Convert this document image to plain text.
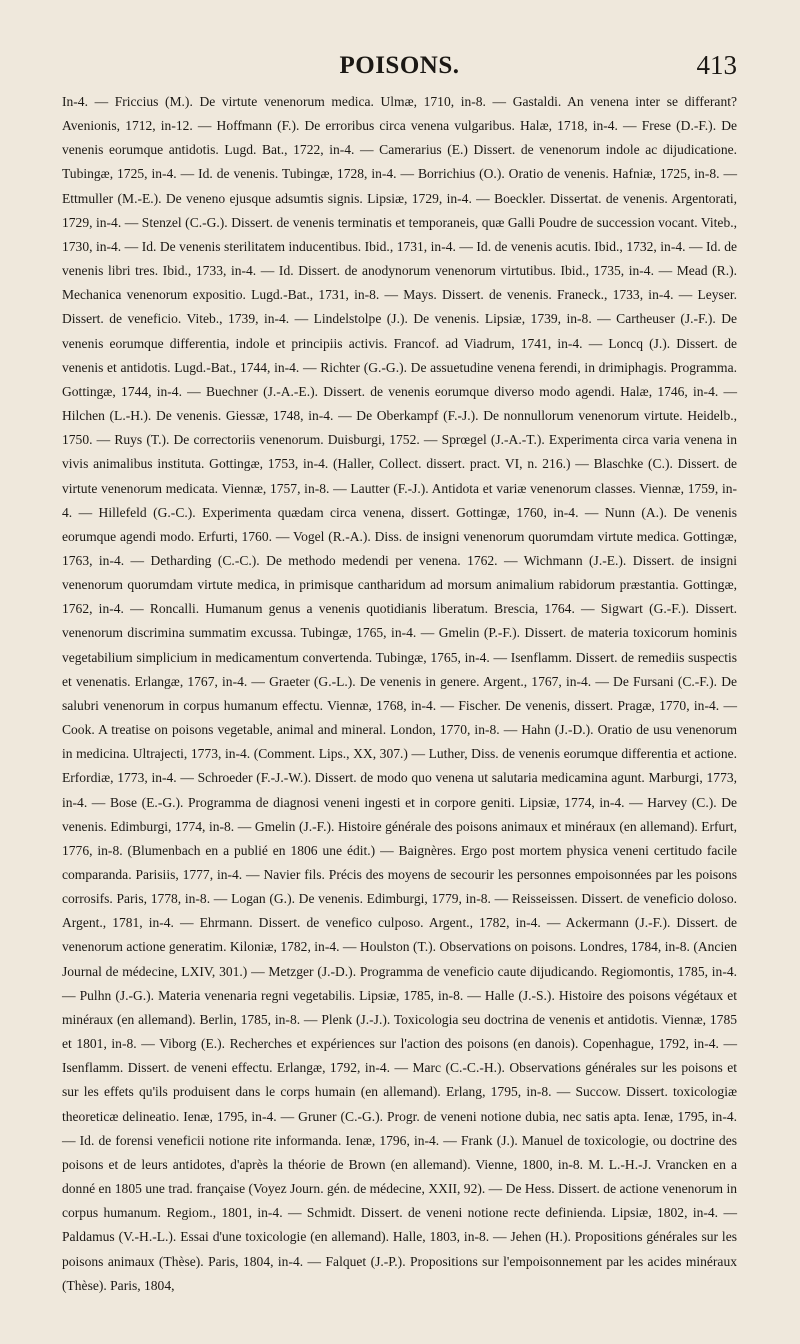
POISONS.	413
In-4. — Friccius (M.). De virtute venenorum medica. Ulmæ, 1710, in-8. — Gastaldi. An venena inter se differant? Avenionis, 1712, in-12. — Hoffmann (F.). De erroribus circa venena vulgaribus. Halæ, 1718, in-4. — Frese (D.-F.). De venenis eorumque antidotis. Lugd. Bat., 1722, in-4. — Camerarius (E.) Dissert. de venenorum indole ac dijudicatione. Tubingæ, 1725, in-4. — Id. de venenis. Tubingæ, 1728, in-4. — Borrichius (O.). Oratio de venenis. Hafniæ, 1725, in-8. — Ettmuller (M.-E.). De veneno ejusque adsumtis signis. Lipsiæ, 1729, in-4. — Boeckler. Dissertat. de venenis. Argentorati, 1729, in-4. — Stenzel (C.-G.). Dissert. de venenis terminatis et temporaneis, quæ Galli Poudre de succession vocant. Viteb., 1730, in-4. — Id. De venenis sterilitatem inducentibus. Ibid., 1731, in-4. — Id. de venenis acutis. Ibid., 1732, in-4. — Id. de venenis libri tres. Ibid., 1733, in-4. — Id. Dissert. de anodynorum venenorum virtutibus. Ibid., 1735, in-4. — Mead (R.). Mechanica venenorum expositio. Lugd.-Bat., 1731, in-8. — Mays. Dissert. de venenis. Franeck., 1733, in-4. — Leyser. Dissert. de veneficio. Viteb., 1739, in-4. — Lindelstolpe (J.). De venenis. Lipsiæ, 1739, in-8. — Cartheuser (J.-F.). De venenis eorumque differentia, indole et principiis activis. Francof. ad Viadrum, 1741, in-4. — Loncq (J.). Dissert. de venenis et antidotis. Lugd.-Bat., 1744, in-4. — Richter (G.-G.). De assuetudine venena ferendi, in drimiphagis. Programma. Gottingæ, 1744, in-4. — Buechner (J.-A.-E.). Dissert. de venenis eorumque diverso modo agendi. Halæ, 1746, in-4. — Hilchen (L.-H.). De venenis. Giessæ, 1748, in-4. — De Oberkampf (F.-J.). De nonnullorum venenorum virtute. Heidelb., 1750. — Ruys (T.). De correctoriis venenorum. Duisburgi, 1752. — Sprœgel (J.-A.-T.). Experimenta circa varia venena in vivis animalibus instituta. Gottingæ, 1753, in-4. (Haller, Collect. dissert. pract. VI, n. 216.) — Blaschke (C.). Dissert. de virtute venenorum medicata. Viennæ, 1757, in-8. — Lautter (F.-J.). Antidota et variæ venenorum classes. Viennæ, 1759, in-4. — Hillefeld (G.-C.). Experimenta quædam circa venena, dissert. Gottingæ, 1760, in-4. — Nunn (A.). De venenis eorumque agendi modo. Erfurti, 1760. — Vogel (R.-A.). Diss. de insigni venenorum quorumdam virtute medica. Gottingæ, 1763, in-4. — Detharding (C.-C.). De methodo medendi per venena. 1762. — Wichmann (J.-E.). Dissert. de insigni venenorum quorumdam virtute medica, in primisque cantharidum ad morsum animalium rabidorum præstantia. Gottingæ, 1762, in-4. — Roncalli. Humanum genus a venenis quotidianis liberatum. Brescia, 1764. — Sigwart (G.-F.). Dissert. venenorum discrimina summatim excussa. Tubingæ, 1765, in-4. — Gmelin (P.-F.). Dissert. de materia toxicorum hominis vegetabilium simplicium in medicamentum convertenda. Tubingæ, 1765, in-4. — Isenflamm. Dissert. de remediis suspectis et venenatis. Erlangæ, 1767, in-4. — Graeter (G.-L.). De venenis in genere. Argent., 1767, in-4. — De Fursani (C.-F.). De salubri venenorum in corpus humanum effectu. Viennæ, 1768, in-4. — Fischer. De venenis, dissert. Pragæ, 1770, in-4. — Cook. A treatise on poisons vegetable, animal and mineral. London, 1770, in-8. — Hahn (J.-D.). Oratio de usu venenorum in medicina. Ultrajecti, 1773, in-4. (Comment. Lips., XX, 307.) — Luther, Diss. de venenis eorumque differentia et actione. Erfordiæ, 1773, in-4. — Schroeder (F.-J.-W.). Dissert. de modo quo venena ut salutaria medicamina agunt. Marburgi, 1773, in-4. — Bose (E.-G.). Programma de diagnosi veneni ingesti et in corpore geniti. Lipsiæ, 1774, in-4. — Harvey (C.). De venenis. Edimburgi, 1774, in-8. — Gmelin (J.-F.). Histoire générale des poisons animaux et minéraux (en allemand). Erfurt, 1776, in-8. (Blumenbach en a publié en 1806 une édit.) — Baignères. Ergo post mortem physica veneni certitudo facile comparanda. Parisiis, 1777, in-4. — Navier fils. Précis des moyens de secourir les personnes empoisonnées par les poisons corrosifs. Paris, 1778, in-8. — Logan (G.). De venenis. Edimburgi, 1779, in-8. — Reisseissen. Dissert. de veneficio doloso. Argent., 1781, in-4. — Ehrmann. Dissert. de venefico culposo. Argent., 1782, in-4. — Ackermann (J.-F.). Dissert. de venenorum actione generatim. Kiloniæ, 1782, in-4. — Houlston (T.). Observations on poisons. Londres, 1784, in-8. (Ancien Journal de médecine, LXIV, 301.) — Metzger (J.-D.). Programma de veneficio caute dijudicando. Regiomontis, 1785, in-4. — Pulhn (J.-G.). Materia venenaria regni vegetabilis. Lipsiæ, 1785, in-8. — Halle (J.-S.). Histoire des poisons végétaux et minéraux (en allemand). Berlin, 1785, in-8. — Plenk (J.-J.). Toxicologia seu doctrina de venenis et antidotis. Viennæ, 1785 et 1801, in-8. — Viborg (E.). Recherches et expériences sur l'action des poisons (en danois). Copenhague, 1792, in-4. — Isenflamm. Dissert. de veneni effectu. Erlangæ, 1792, in-4. — Marc (C.-C.-H.). Observations générales sur les poisons et sur les effets qu'ils produisent dans le corps humain (en allemand). Erlang, 1795, in-8. — Succow. Dissert. toxicologiæ theoreticæ delineatio. Ienæ, 1795, in-4. — Gruner (C.-G.). Progr. de veneni notione dubia, nec satis apta. Ienæ, 1795, in-4. — Id. de forensi veneficii notione rite informanda. Ienæ, 1796, in-4. — Frank (J.). Manuel de toxicologie, ou doctrine des poisons et de leurs antidotes, d'après la théorie de Brown (en allemand). Vienne, 1800, in-8. M. L.-H.-J. Vrancken en a donné en 1805 une trad. française (Voyez Journ. gén. de médecine, XXII, 92). — De Hess. Dissert. de actione venenorum in corpus humanum. Regiom., 1801, in-4. — Schmidt. Dissert. de veneni notione recte definienda. Lipsiæ, 1802, in-4. — Paldamus (V.-H.-L.). Essai d'une toxicologie (en allemand). Halle, 1803, in-8. — Jehen (H.). Propositions générales sur les poisons animaux (Thèse). Paris, 1804, in-4. — Falquet (J.-P.). Propositions sur l'empoisonnement par les acides minéraux (Thèse). Paris, 1804,
